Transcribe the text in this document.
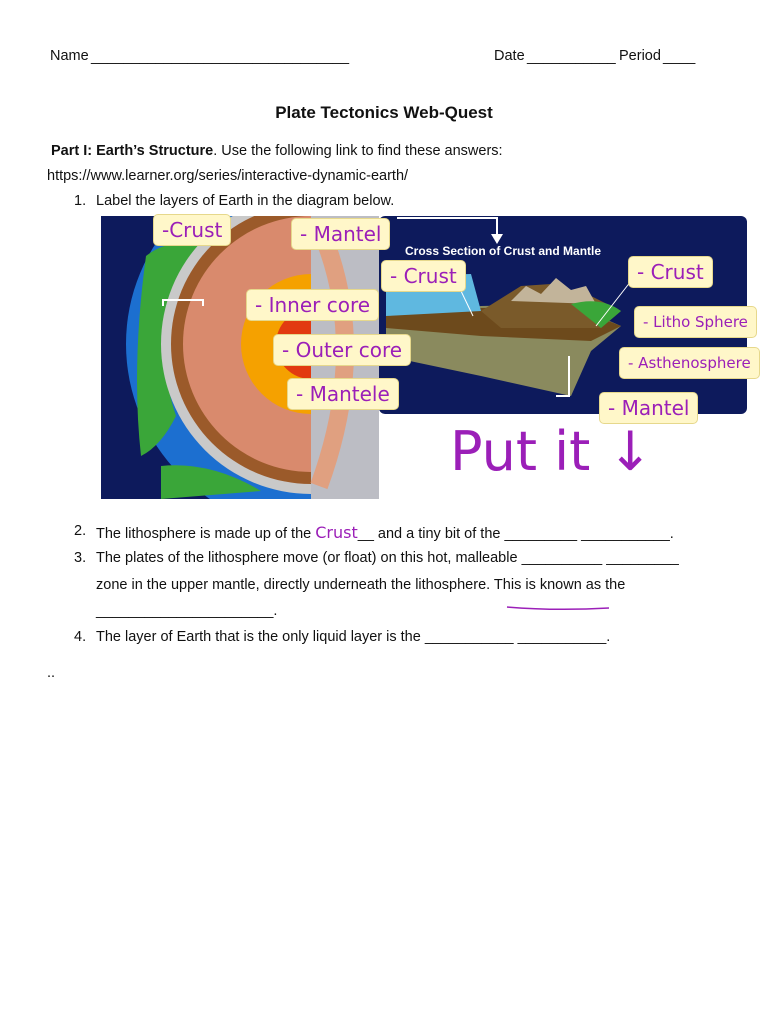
Name ________________________________	Date ___________ Period ____
Plate Tectonics Web-Quest
Part I: Earth’s Structure. Use the following link to find these answers:
https://www.learner.org/series/interactive-dynamic-earth/
1. Label the layers of Earth in the diagram below.
Cross Section of Crust and Mantle
-Crust	- Mantel
- Inner core
- Outer core
- Mantele
- Crust	- Crust
- Litho Sphere
- Asthenosphere
- Mantel
Put it ↓
2. The lithosphere is made up of the Crust__ and a tiny bit of the _________ ___________.
3. The plates of the lithosphere move (or float) on this hot, malleable __________ _________
zone in the upper mantle, directly underneath the lithosphere. This is known as the
______________________.
4. The layer of Earth that is the only liquid layer is the ___________ ___________.
..
